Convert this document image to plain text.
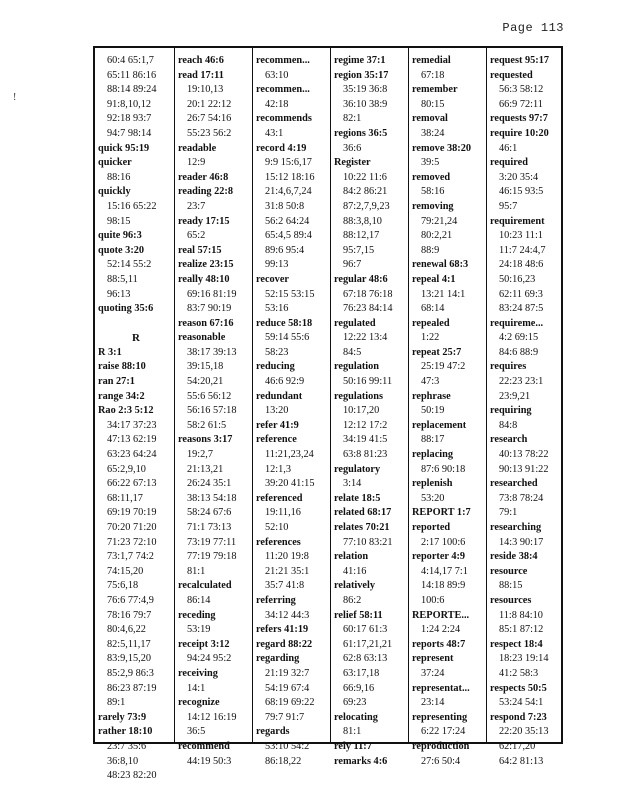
Page 113
!
60:4 65:1,7
65:11 86:16
88:14 89:24
91:8,10,12
92:18 93:7
94:7 98:14
quick 95:19
quicker
88:16
quickly
15:16 65:22
98:15
quite 96:3
quote 3:20
52:14 55:2
88:5,11
96:13
quoting 35:6
R
R 3:1
raise 88:10
ran 27:1
range 34:2
Rao 2:3 5:12
34:17 37:23
47:13 62:19
63:23 64:24
65:2,9,10
66:22 67:13
68:11,17
69:19 70:19
70:20 71:20
71:23 72:10
73:1,7 74:2
74:15,20
75:6,18
76:6 77:4,9
78:16 79:7
80:4,6,22
82:5,11,17
83:9,15,20
85:2,9 86:3
86:23 87:19
89:1
rarely 73:9
rather 18:10
23:7 35:6
36:8,10
48:23 82:20
reach 46:6
read 17:11
19:10,13
20:1 22:12
26:7 54:16
55:23 56:2
readable
12:9
reader 46:8
reading 22:8
23:7
ready 17:15
65:2
real 57:15
realize 23:15
really 48:10
69:16 81:19
83:7 90:19
reason 67:16
reasonable
38:17 39:13
39:15,18
54:20,21
55:6 56:12
56:16 57:18
58:2 61:5
reasons 3:17
19:2,7
21:13,21
26:24 35:1
38:13 54:18
58:24 67:6
71:1 73:13
73:19 77:11
77:19 79:18
81:1
recalculated
86:14
receding
53:19
receipt 3:12
94:24 95:2
receiving
14:1
recognize
14:12 16:19
36:5
recommend
44:19 50:3
recommen...
63:10
recommen...
42:18
recommends
43:1
record 4:19
9:9 15:6,17
15:12 18:16
21:4,6,7,24
31:8 50:8
56:2 64:24
65:4,5 89:4
89:6 95:4
99:13
recover
52:15 53:15
53:16
reduce 58:18
59:14 55:6
58:23
reducing
46:6 92:9
redundant
13:20
refer 41:9
reference
11:21,23,24
12:1,3
39:20 41:15
referenced
19:11,16
52:10
references
11:20 19:8
21:21 35:1
35:7 41:8
referring
34:12 44:3
refers 41:19
regard 88:22
regarding
21:19 32:7
54:19 67:4
68:19 69:22
79:7 91:7
regards
53:10 54:2
86:18,22
regime 37:1
region 35:17
35:19 36:8
36:10 38:9
82:1
regions 36:5
36:6
Register
10:22 11:6
84:2 86:21
87:2,7,9,23
88:3,8,10
88:12,17
95:7,15
96:7
regular 48:6
67:18 76:18
76:23 84:14
regulated
12:22 13:4
84:5
regulation
50:16 99:11
regulations
10:17,20
12:12 17:2
34:19 41:5
63:8 81:23
regulatory
3:14
relate 18:5
related 68:17
relates 70:21
77:10 83:21
relation
41:16
relatively
86:2
relief 58:11
60:17 61:3
61:17,21,21
62:8 63:13
63:17,18
66:9,16
69:23
relocating
81:1
rely 11:7
remarks 4:6
remedial
67:18
remember
80:15
removal
38:24
remove 38:20
39:5
removed
58:16
removing
79:21,24
80:2,21
88:9
renewal 68:3
repeal 4:1
13:21 14:1
68:14
repealed
1:22
repeat 25:7
25:19 47:2
47:3
rephrase
50:19
replacement
88:17
replacing
87:6 90:18
replenish
53:20
REPORT 1:7
reported
2:17 100:6
reporter 4:9
4:14,17 7:1
14:18 89:9
100:6
REPORTE...
1:24 2:24
reports 48:7
represent
37:24
representat...
23:14
representing
6:22 17:24
reproduction
27:6 50:4
request 95:17
requested
56:3 58:12
66:9 72:11
requests 97:7
require 10:20
46:1
required
3:20 35:4
46:15 93:5
95:7
requirement
10:23 11:1
11:7 24:4,7
24:18 48:6
50:16,23
62:11 69:3
83:24 87:5
requireme...
4:2 69:15
84:6 88:9
requires
22:23 23:1
23:9,21
requiring
84:8
research
40:13 78:22
90:13 91:22
researched
73:8 78:24
79:1
researching
14:3 90:17
reside 38:4
resource
88:15
resources
11:8 84:10
85:1 87:12
respect 18:4
18:23 19:14
41:2 58:3
respects 50:5
53:24 54:1
respond 7:23
22:20 35:13
62:17,20
64:2 81:13
